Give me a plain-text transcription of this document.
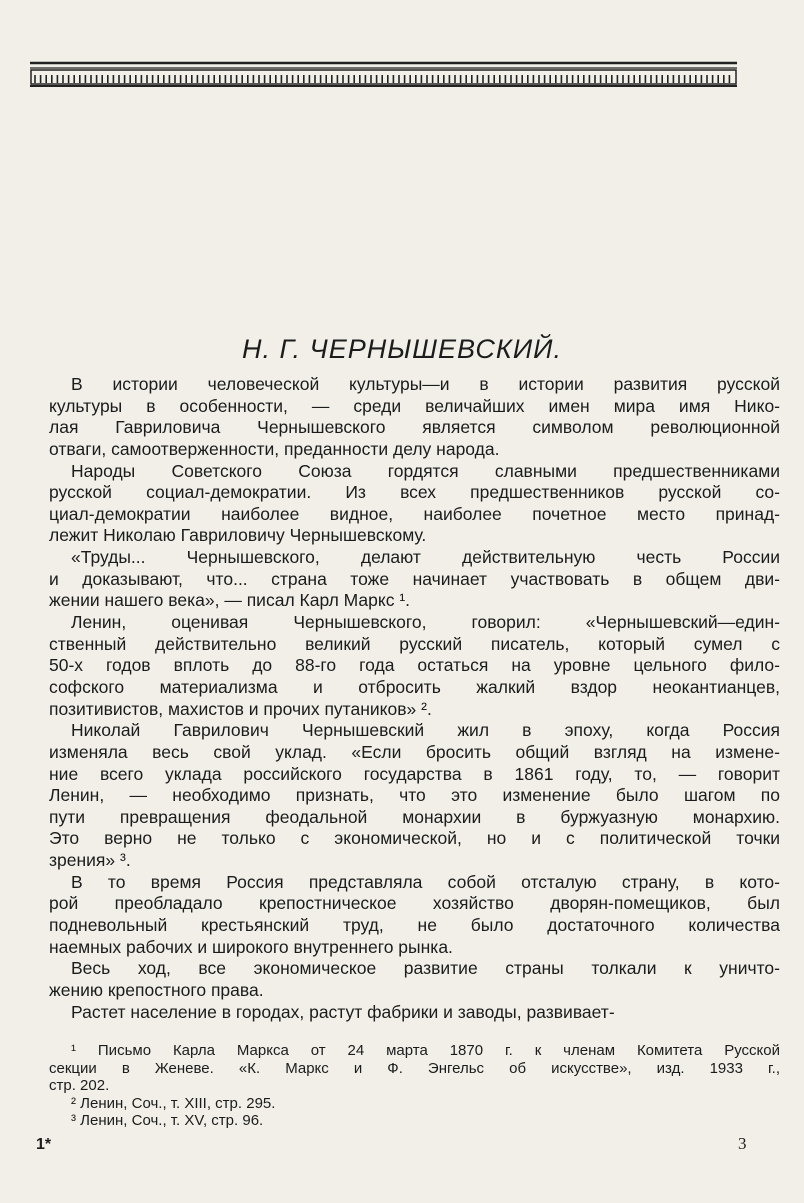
Н. Г. ЧЕРНЫШЕВСКИЙ.
В истории человеческой культуры—и в истории развития русской
культуры в особенности, — среди величайших имен мира имя Нико-
лая Гавриловича Чернышевского является символом революционной
отваги, самоотверженности, преданности делу народа.
Народы Советского Союза гордятся славными предшественниками
русской социал-демократии. Из всех предшественников русской со-
циал-демократии наиболее видное, наиболее почетное место принад-
лежит Николаю Гавриловичу Чернышевскому.
«Труды... Чернышевского, делают действительную честь России
и доказывают, что... страна тоже начинает участвовать в общем дви-
жении нашего века», — писал Карл Маркс ¹.
Ленин, оценивая Чернышевского, говорил: «Чернышевский—един-
ственный действительно великий русский писатель, который сумел с
50-х годов вплоть до 88-го года остаться на уровне цельного фило-
софского материализма и отбросить жалкий вздор неокантианцев,
позитивистов, махистов и прочих путаников» ².
Николай Гаврилович Чернышевский жил в эпоху, когда Россия
изменяла весь свой уклад. «Если бросить общий взгляд на измене-
ние всего уклада российского государства в 1861 году, то, — говорит
Ленин, — необходимо признать, что это изменение было шагом по
пути превращения феодальной монархии в буржуазную монархию.
Это верно не только с экономической, но и с политической точки
зрения» ³.
В то время Россия представляла собой отсталую страну, в кото-
рой преобладало крепостническое хозяйство дворян-помещиков, был
подневольный крестьянский труд, не было достаточного количества
наемных рабочих и широкого внутреннего рынка.
Весь ход, все экономическое развитие страны толкали к уничто-
жению крепостного права.
Растет население в городах, растут фабрики и заводы, развивает-
¹ Письмо Карла Маркса от 24 марта 1870 г. к членам Комитета Русской
секции в Женеве. «К. Маркс и Ф. Энгельс об искусстве», изд. 1933 г.,
стр. 202.
² Ленин, Соч., т. XIII, стр. 295.
³ Ленин, Соч., т. XV, стр. 96.
1*	3
